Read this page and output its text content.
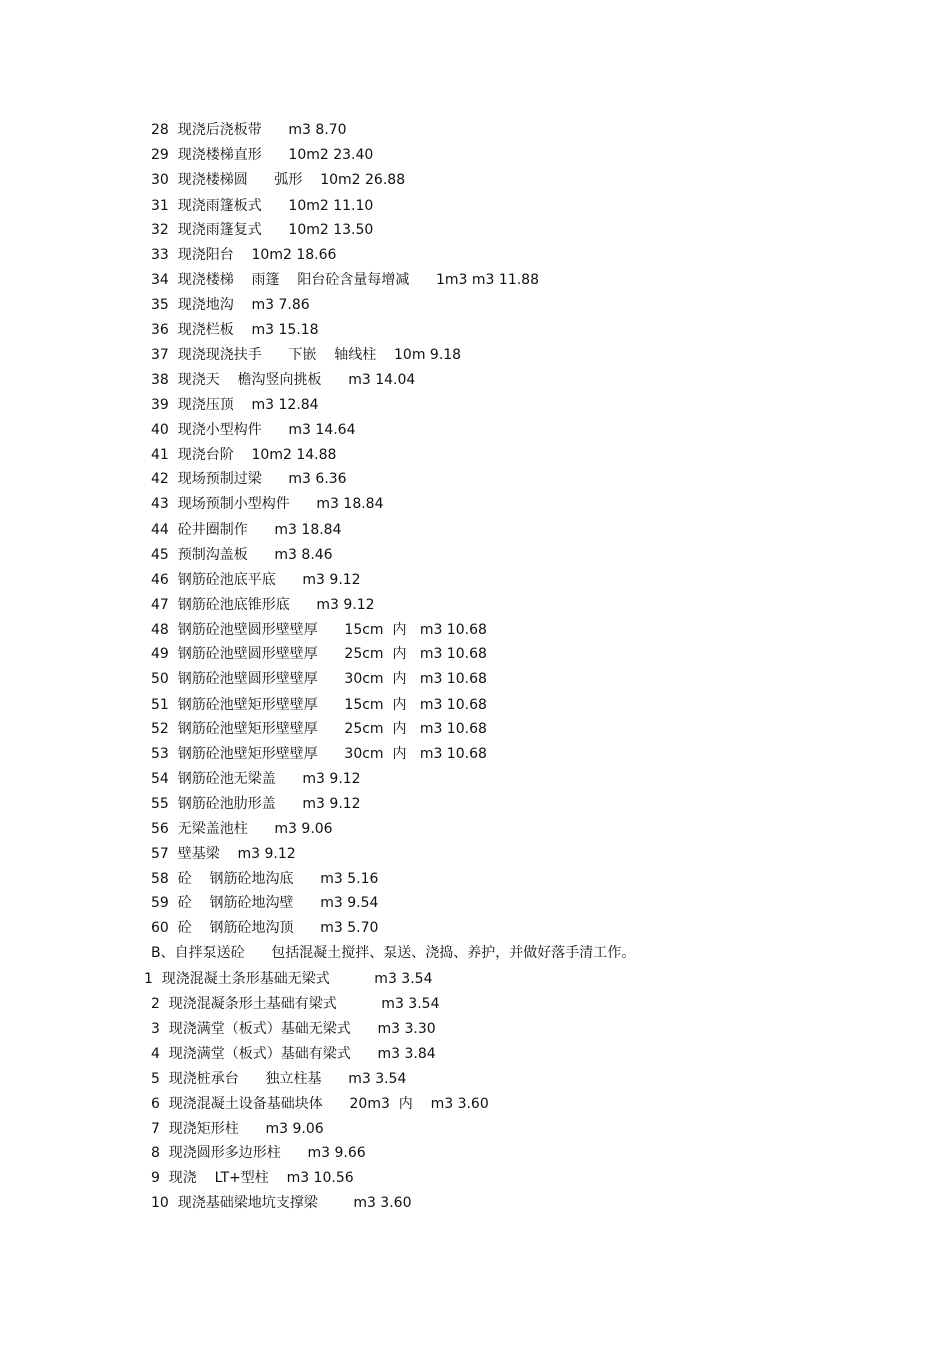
28  现浇后浇板带      m3 8.70
29  现浇楼梯直形      10m2 23.40
30  现浇楼梯圆      弧形    10m2 26.88
31  现浇雨篷板式      10m2 11.10
32  现浇雨篷复式      10m2 13.50
33  现浇阳台    10m2 18.66
34  现浇楼梯    雨篷    阳台砼含量每增减      1m3 m3 11.88
35  现浇地沟    m3 7.86
36  现浇栏板    m3 15.18
37  现浇现浇扶手      下嵌    轴线柱    10m 9.18
38  现浇天    檐沟竖向挑板      m3 14.04
39  现浇压顶    m3 12.84
40  现浇小型构件      m3 14.64
41  现浇台阶    10m2 14.88
42  现场预制过梁      m3 6.36
43  现场预制小型构件      m3 18.84
44  砼井圈制作      m3 18.84
45  预制沟盖板      m3 8.46
46  钢筋砼池底平底      m3 9.12
47  钢筋砼池底锥形底      m3 9.12
48  钢筋砼池壁圆形壁壁厚      15cm  内   m3 10.68
49  钢筋砼池壁圆形壁壁厚      25cm  内   m3 10.68
50  钢筋砼池壁圆形壁壁厚      30cm  内   m3 10.68
51  钢筋砼池壁矩形壁壁厚      15cm  内   m3 10.68
52  钢筋砼池壁矩形壁壁厚      25cm  内   m3 10.68
53  钢筋砼池壁矩形壁壁厚      30cm  内   m3 10.68
54  钢筋砼池无梁盖      m3 9.12
55  钢筋砼池肋形盖      m3 9.12
56  无梁盖池柱      m3 9.06
57  壁基梁    m3 9.12
58  砼    钢筋砼地沟底      m3 5.16
59  砼    钢筋砼地沟壁      m3 9.54
60  砼    钢筋砼地沟顶      m3 5.70
B、自拌泵送砼      包括混凝土搅拌、泵送、浇捣、养护，并做好落手清工作。
1  现浇混凝土条形基础无梁式          m3 3.54
2  现浇混凝条形土基础有梁式          m3 3.54
3  现浇满堂（板式）基础无梁式      m3 3.30
4  现浇满堂（板式）基础有梁式      m3 3.84
5  现浇桩承台      独立柱基      m3 3.54
6  现浇混凝土设备基础块体      20m3  内    m3 3.60
7  现浇矩形柱      m3 9.06
8  现浇圆形多边形柱      m3 9.66
9  现浇    LT+型柱    m3 10.56
10  现浇基础梁地坑支撑梁        m3 3.60
